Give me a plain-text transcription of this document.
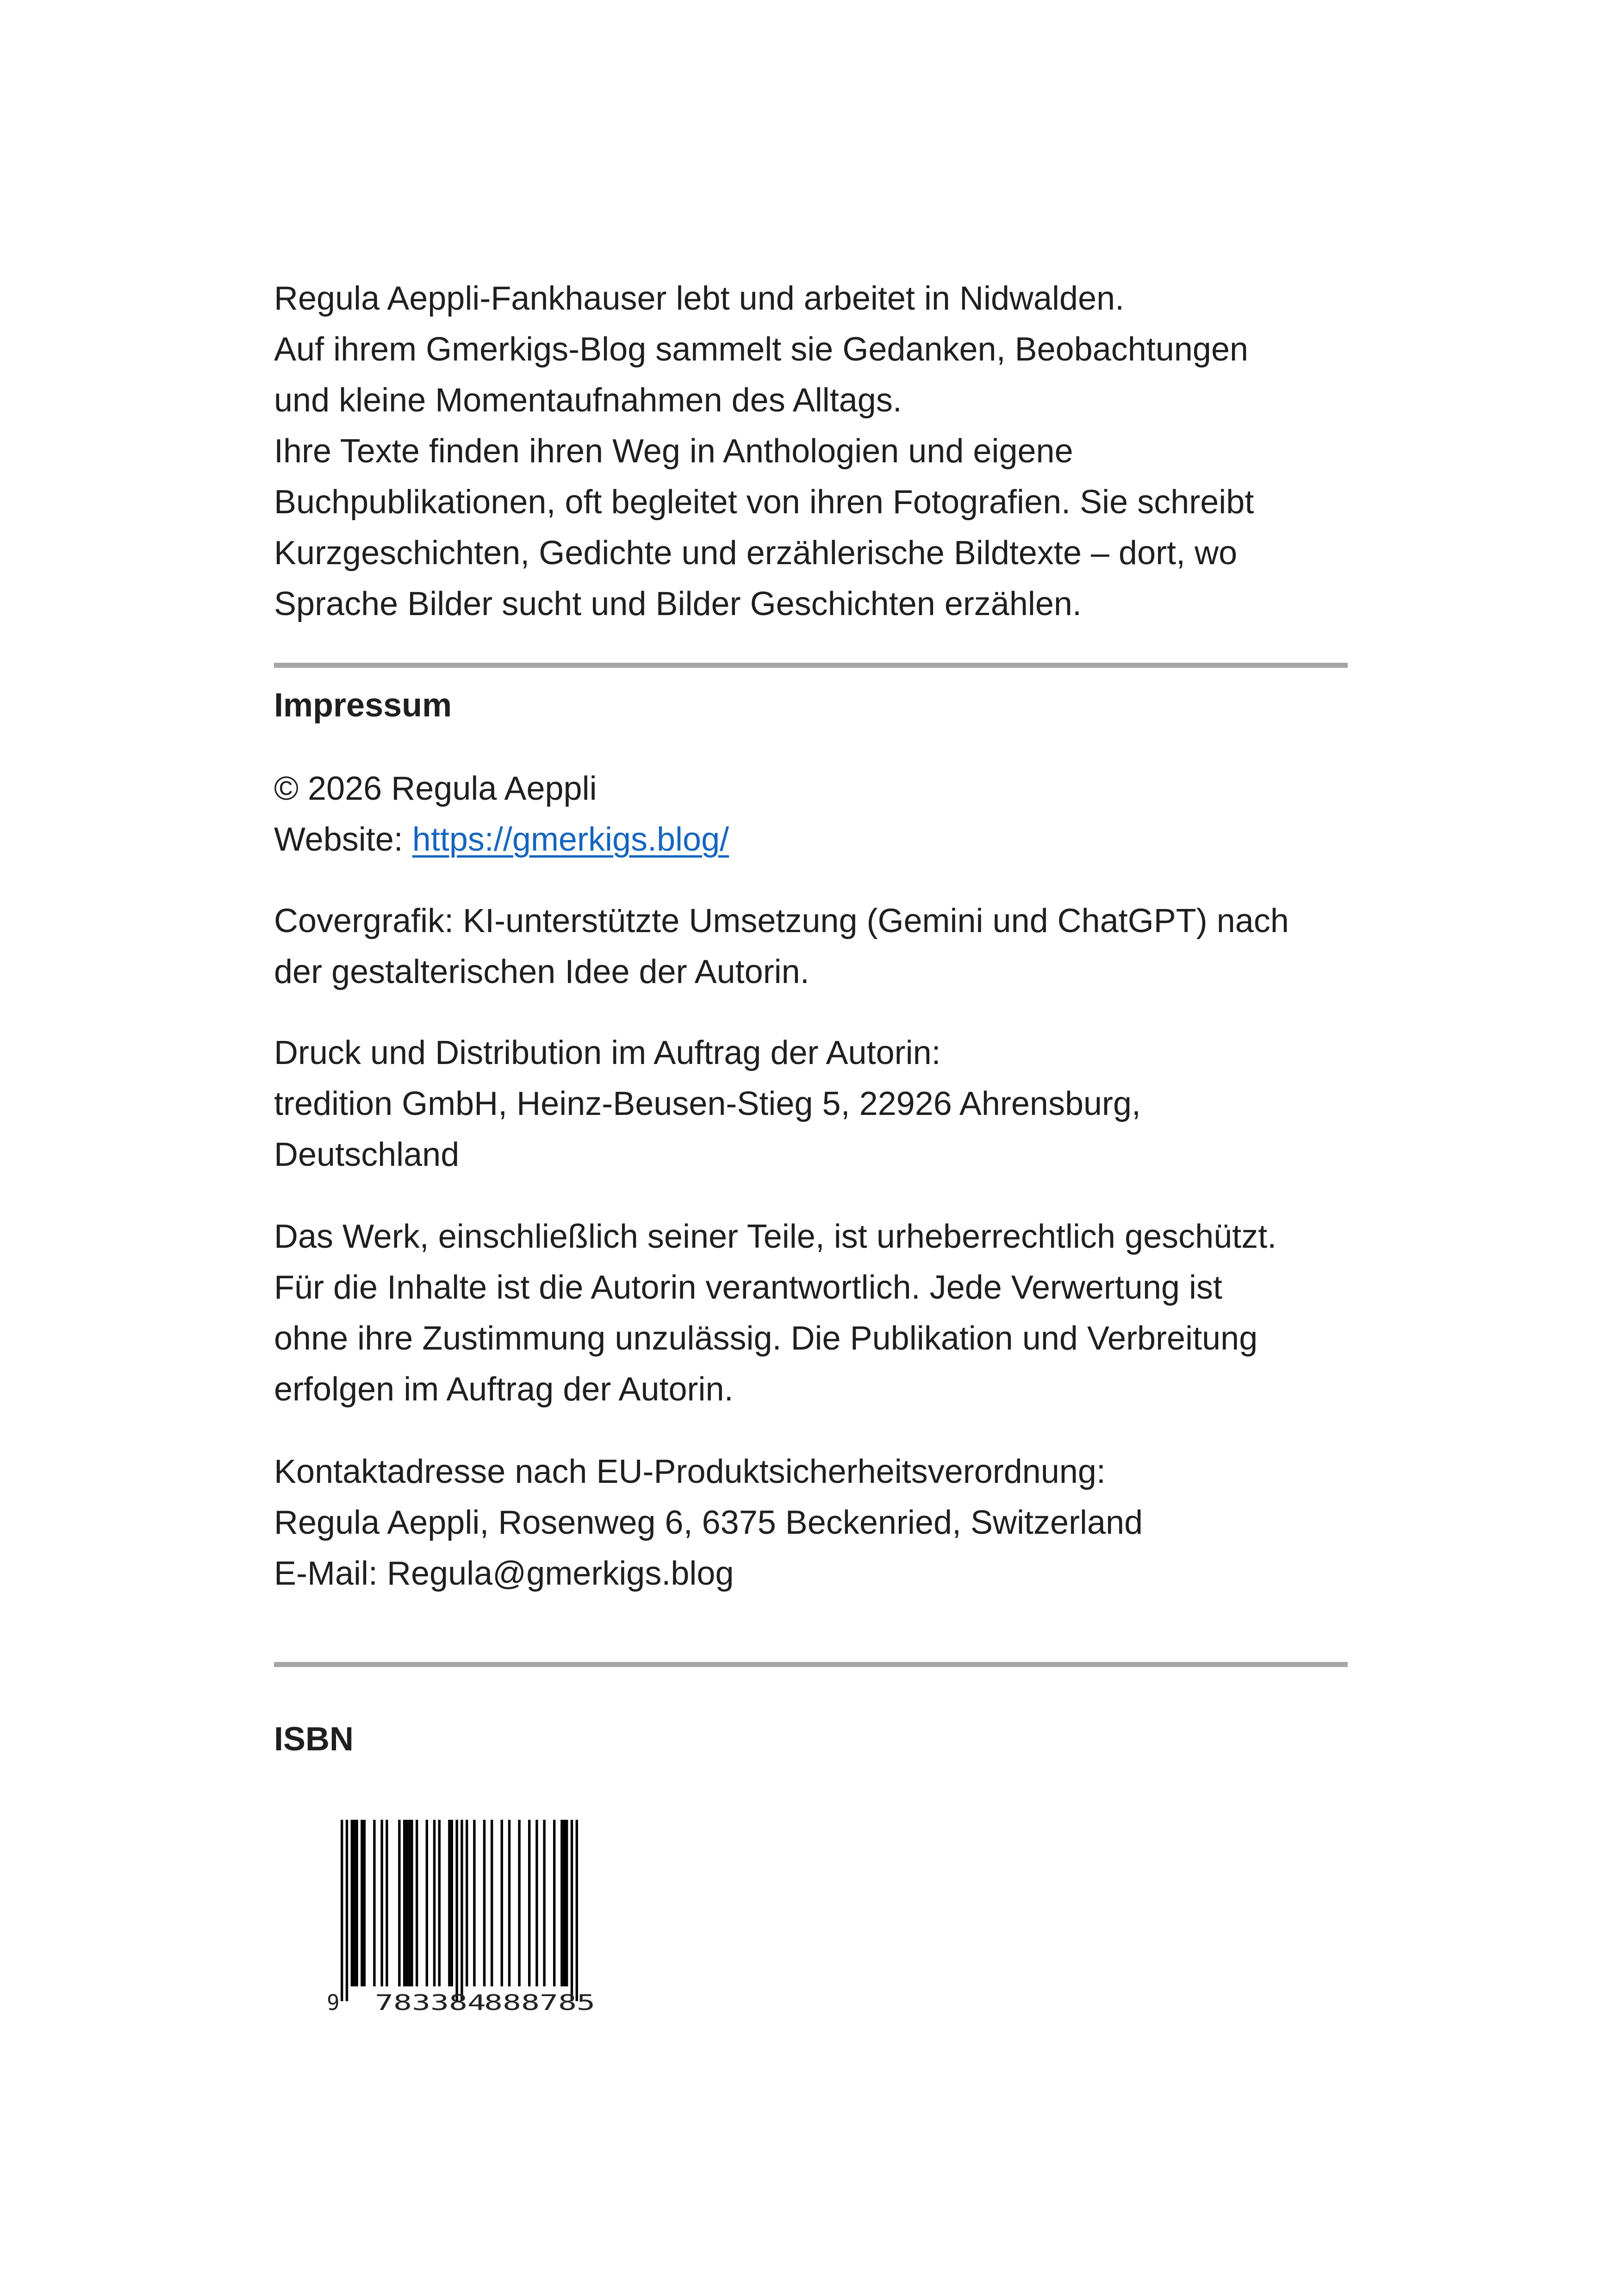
Regula Aeppli-Fankhauser lebt und arbeitet in Nidwalden.
Auf ihrem Gmerkigs-Blog sammelt sie Gedanken, Beobachtungen
und kleine Momentaufnahmen des Alltags.
Ihre Texte finden ihren Weg in Anthologien und eigene
Buchpublikationen, oft begleitet von ihren Fotografien. Sie schreibt
Kurzgeschichten, Gedichte und erzählerische Bildtexte – dort, wo
Sprache Bilder sucht und Bilder Geschichten erzählen.
Impressum
© 2026 Regula Aeppli
Website: https://gmerkigs.blog/
Covergrafik: KI-unterstützte Umsetzung (Gemini und ChatGPT) nach
der gestalterischen Idee der Autorin.
Druck und Distribution im Auftrag der Autorin:
tredition GmbH, Heinz-Beusen-Stieg 5, 22926 Ahrensburg,
Deutschland
Das Werk, einschließlich seiner Teile, ist urheberrechtlich geschützt.
Für die Inhalte ist die Autorin verantwortlich. Jede Verwertung ist
ohne ihre Zustimmung unzulässig. Die Publikation und Verbreitung
erfolgen im Auftrag der Autorin.
Kontaktadresse nach EU-Produktsicherheitsverordnung:
Regula Aeppli, Rosenweg 6, 6375 Beckenried, Switzerland
E-Mail: Regula@gmerkigs.blog
ISBN
9 783384
888785
